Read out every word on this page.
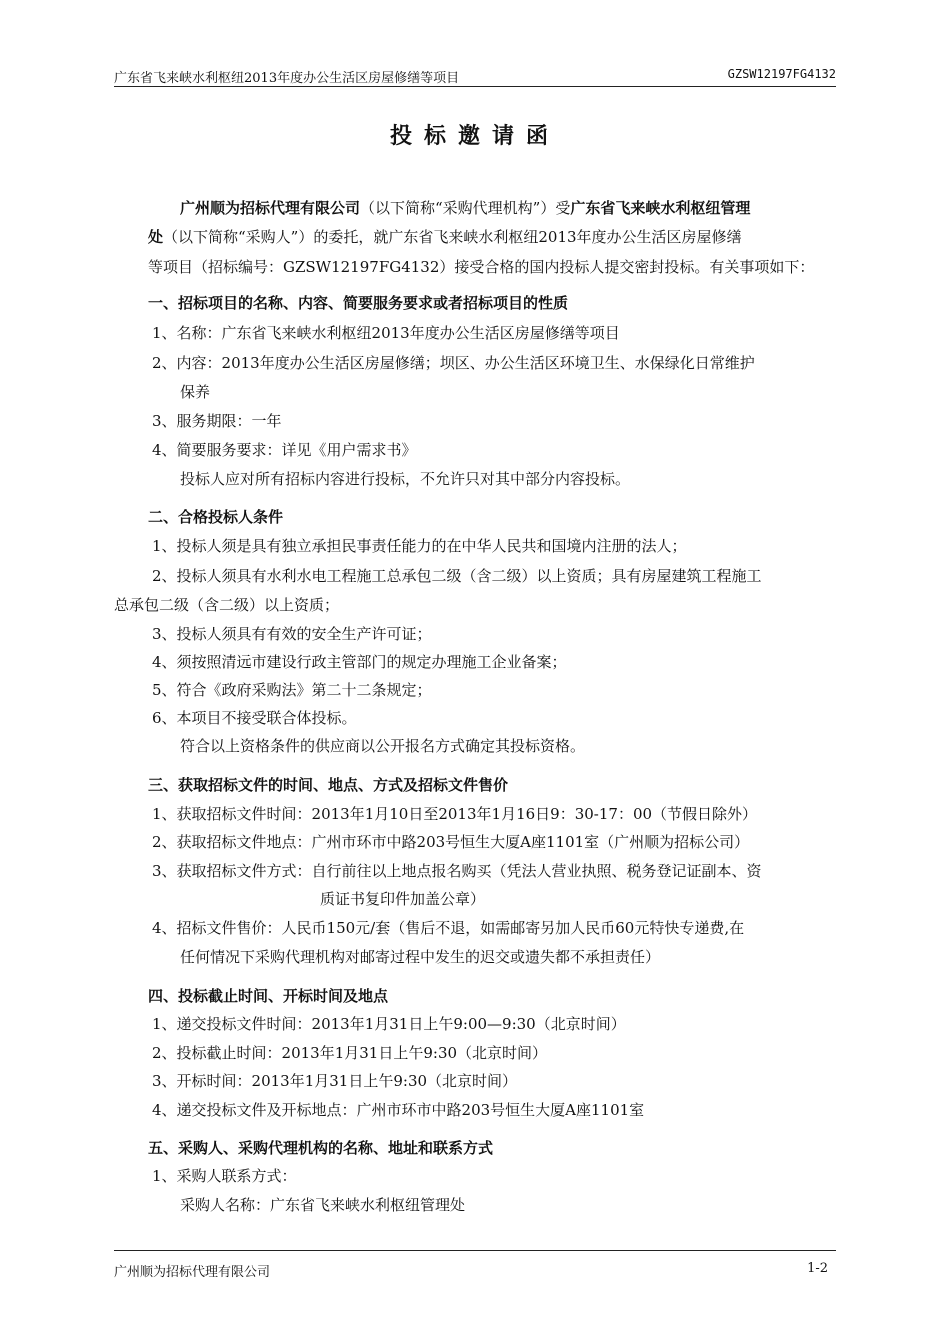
广东省飞来峡水利枢纽2013年度办公生活区房屋修缮等项目	GZSW12197FG4132
投标邀请函
广州顺为招标代理有限公司（以下简称“采购代理机构”）受广东省飞来峡水利枢纽管理
处（以下简称“采购人”）的委托，就广东省飞来峡水利枢纽2013年度办公生活区房屋修缮
等项目（招标编号：GZSW12197FG4132）接受合格的国内投标人提交密封投标。有关事项如下：
一、招标项目的名称、内容、简要服务要求或者招标项目的性质
1、名称：广东省飞来峡水利枢纽2013年度办公生活区房屋修缮等项目
2、内容：2013年度办公生活区房屋修缮；坝区、办公生活区环境卫生、水保绿化日常维护
保养
3、服务期限：一年
4、简要服务要求：详见《用户需求书》
投标人应对所有招标内容进行投标，不允许只对其中部分内容投标。
二、合格投标人条件
1、投标人须是具有独立承担民事责任能力的在中华人民共和国境内注册的法人；
2、投标人须具有水利水电工程施工总承包二级（含二级）以上资质；具有房屋建筑工程施工
总承包二级（含二级）以上资质；
3、投标人须具有有效的安全生产许可证；
4、须按照清远市建设行政主管部门的规定办理施工企业备案；
5、符合《政府采购法》第二十二条规定；
6、本项目不接受联合体投标。
符合以上资格条件的供应商以公开报名方式确定其投标资格。
三、获取招标文件的时间、地点、方式及招标文件售价
1、获取招标文件时间：2013年1月10日至2013年1月16日9：30-17：00（节假日除外）
2、获取招标文件地点：广州市环市中路203号恒生大厦A座1101室（广州顺为招标公司）
3、获取招标文件方式：自行前往以上地点报名购买（凭法人营业执照、税务登记证副本、资
质证书复印件加盖公章）
4、招标文件售价：人民币150元/套（售后不退，如需邮寄另加人民币60元特快专递费,在
任何情况下采购代理机构对邮寄过程中发生的迟交或遗失都不承担责任）
四、投标截止时间、开标时间及地点
1、递交投标文件时间：2013年1月31日上午9:00—9:30（北京时间）
2、投标截止时间：2013年1月31日上午9:30（北京时间）
3、开标时间：2013年1月31日上午9:30（北京时间）
4、递交投标文件及开标地点：广州市环市中路203号恒生大厦A座1101室
五、采购人、采购代理机构的名称、地址和联系方式
1、采购人联系方式：
采购人名称：广东省飞来峡水利枢纽管理处
广州顺为招标代理有限公司	1-2
